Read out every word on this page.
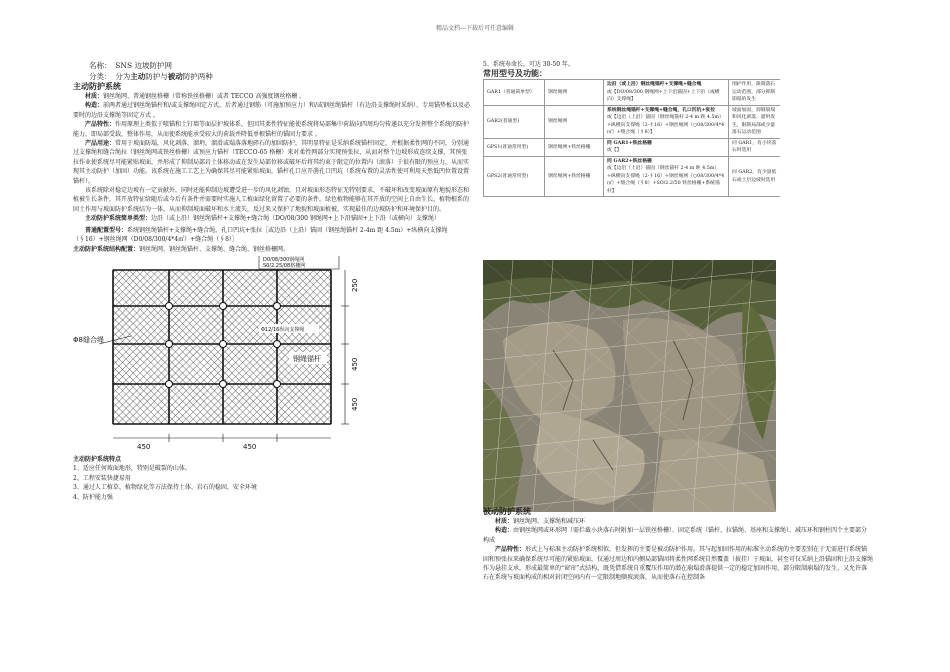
精品文档---下载后可任意编辑

名称：　SNS 边坡防护网

分类：　分为主动防护与被动防护两种

主动防护系统

材质：钢丝绳网、普通钢丝格栅（常称铁丝格栅）或者 TECCO 高强度钢丝格栅 。

构造：前两者通过钢丝绳锚杆和/或支撑绳固定方式，后者通过钢筋（可施加预应力）和/或钢丝绳锚杆（有边沿支撑绳时采纳）、专用锚垫板以及必要时的边沿支撑绳等固定方式 。

产品特性：作用原理上类似于喷锚和土钉墙等面层护坡体系，但因其柔性特征能使系统将局部集中荷载向四周均匀传递以充分发挥整个系统的防护能力，即局部受载，整体作用，从而使系统能承受较大的荷载并降低单根锚杆的锚固力要求 。

产品用途：常用于坡面防塌，风化剥落，溜坍，溜滑或塌落落地碎石的加固防护，其明显特征是采纳系统锚杆固定，并根据柔性网的不同，分别通过支撑绳和缝合绳拉（钢丝绳网或铁丝格栅）或预应力锚杆（TECCO-65 格栅）来对柔性网部分实现预张拉，从而对整个边坡形成连续支撑，其预张拉作业使系统尽可能紧贴坡面，并形成了抑制局部岩土体移动或在发生局部位移或破坏后将其约束于限定的位置内（滚落）于很有限的预应力，从而实现其主动防护（加固）功能。该系统在施工工艺上为确保其尽可能紧贴坡面，锚杆孔口应开凿孔口凹坑（系统布置的灵活性使可利用天然低凹位置设置锚杆）。

该系统除对稳定边坡有一定贡献外，同时还能抑制边坡遭受进一步的风化剥蚀，且对坡面形态特征无特别要求，不破坏和改变坡面原有地貌形态和植被生长条件，其开放特征给随后或今后有条件并需要时实施人工植面绿化留置了必要的条件，绿色植物能够在其开放的空间上自由生长，植物根系的固土作用与坡面防护系统结为一体，从而抑制坡面破坏和水土流失，反过来又保护了地貌和坡面植被，实现最佳的边坡防护和环境保护目的。

主动防护系统简单类型：边沿（或上沿）钢丝绳锚杆+支撑绳+缝合绳（DO/08/300 钢绳网+上下沿锚固+上下沿（或横向）支撑绳）

普通配置型号：系统钢丝绳锚杆+支撑绳+缝合绳，孔口凹坑+张拉［或边沿（上沿）锚固（钢丝绳锚杆 2-4m 距 4.5m）+纵横向支撑绳（∮16）+钢丝绳网（D0/08/300/4*4㎡）+缝合绳（∮8）］

主动防护系统结构配置：钢丝绳网、钢丝绳锚杆、支撑绳、缝合绳、钢丝格栅网。

D0/08/300钢绳网
S0/2.25/08格栅网
Φ8缝合绳
Φ12/16纵向支撑绳
钢绳锚杆
250
450
450
450	450

主动防护系统特点

1、适应任何坡面地形，特别是破裂的山体。

2、工程安装快捷易用

3、通过人工植草、植物绿化等方法保持土体、岩石的稳固，安全环境

4、防护能力强

5、系统寿命长，可达 30-50 年。

常用型号及功能：

GAR1（普通简单型）	钢丝绳网	边沿（或上沿）钢丝绳锚杆+支撑绳+缝合绳
或【DO/08/300 钢绳网+上下沿锚固+上下沿（或横向）支撑绳】	围护作用，限制落石运动范围，部分抑制崩塌的发生
GAR2(普通型)	钢丝绳网	系统钢丝绳锚杆+支撑绳+缝合绳，孔口凹坑+张拉
或【边沿（上沿）锚固（钢丝绳锚杆 2-4 m 距 4.5m）+纵横向支撑绳（2-∮16）+钢丝绳网（○08/300/4*4㎡）+缝合绳（∮8）】	坡面加固，抑制崩塌和风化剥落、溜坍发生，限制局部或少量落石运动范围
GPS1(普通常用型)	钢丝绳网+铁丝格栅	同 GAR1+铁丝格栅
或【】	同 GAR1，有小块落石时选用
GPS2(普通常用型)	钢丝绳网+铁丝格栅	同 GAR2+铁丝格栅
或【边沿（上沿）锚固（钢丝锚杆 2-4 m 距 4.5m）+纵横向支撑绳（2-∮16）+钢丝绳网（○08/300/4*4㎡）+缝合绳（∮8）+SO/2.2/50 铁丝格栅+系统锚杆】	同 GAR2，有少量低石或土层边坡时选用

被动防护系统

材质：钢丝绳网、支撑绳和减压环

构造：由钢丝绳网或环形网（需拦截小块落石时附加一层铁丝格栅）、固定系统（锚杆、拉锚绳、基座和支撑绳）、减压环和钢柱四个主要部分构成

产品特性：形式上与标准主动防护系统相似，但发挥的主要是被动防护作用。其与起加固作用的标准主动系统的主要差别在于无需进行系统锚固和预张拉来确保系统尽可能的紧贴坡面，仅通过周边和内侧局部锚固将柔性网系统自然覆盖（披挂）于坡面，甚至可仅采纳上沿锚固和上沿支撑绳作为悬挂支承，形成最简单的“窗帘”式结构，既凭借系统自重覆压作用的潜在崩塌滑落提供一定的稳定加固作用，部分限制崩塌的发生，又允许落石在系统与坡面构成的相对封闭空间内有一定限制地顺坡滚落，从而使落石在控制条
